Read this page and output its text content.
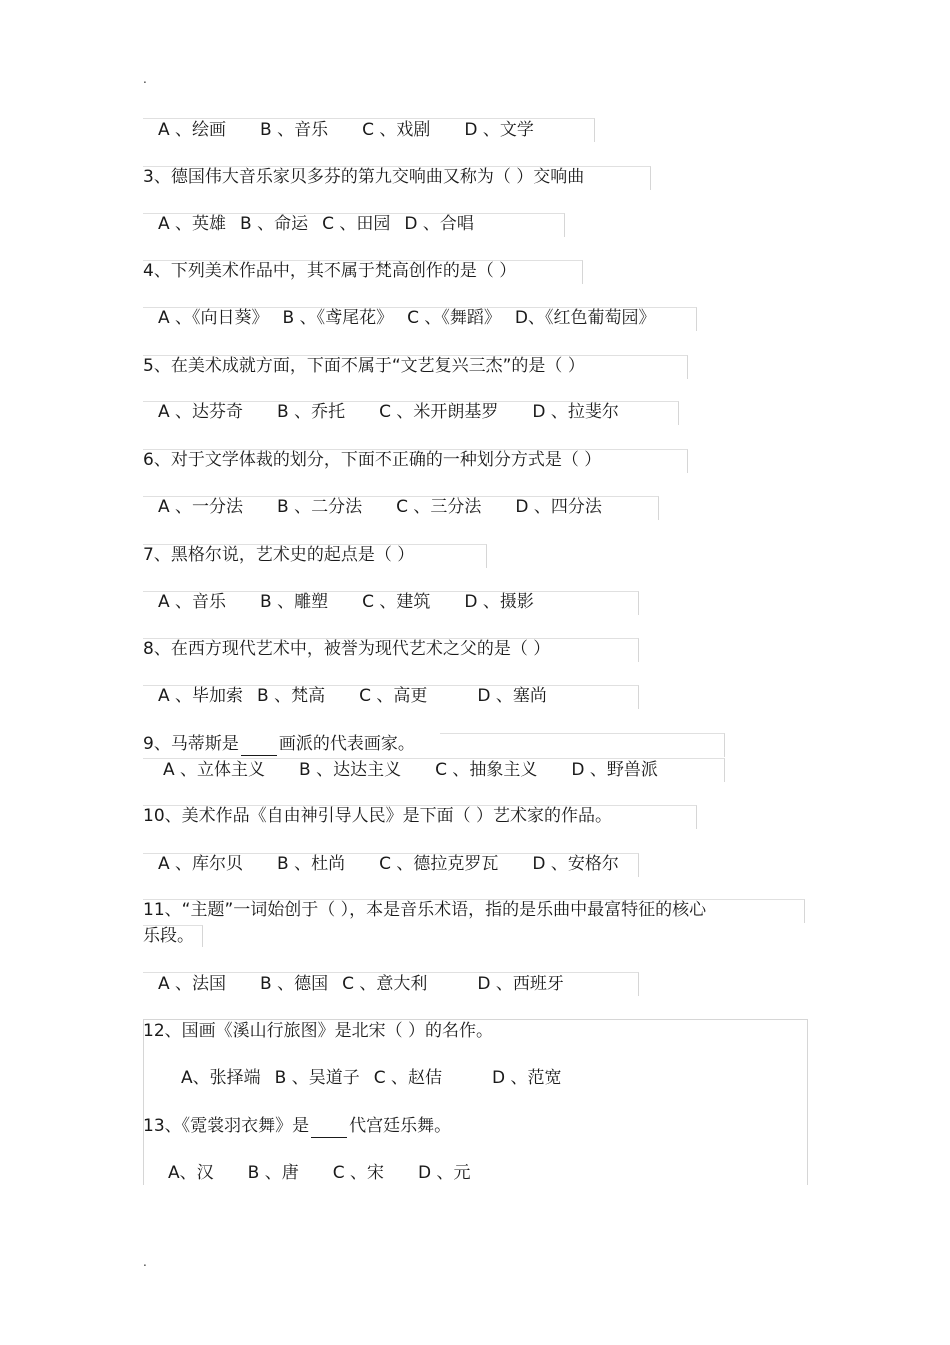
.
A 、绘画 B 、音乐 C 、戏剧 D 、文学
3、德国伟大音乐家贝多芬的第九交响曲又称为（ ）交响曲
A 、英雄 B 、命运 C 、田园 D 、合唱
4、下列美术作品中，其不属于梵高创作的是（ ）
A 、《向日葵》 B 、《鸢尾花》 C 、《舞蹈》 D、《红色葡萄园》
5、在美术成就方面，下面不属于“文艺复兴三杰”的是（ ）
A 、达芬奇 B 、乔托 C 、米开朗基罗 D 、拉斐尔
6、对于文学体裁的划分，下面不正确的一种划分方式是（ ）
A 、一分法 B 、二分法 C 、三分法 D 、四分法
7、黑格尔说，艺术史的起点是（ ）
A 、音乐 B 、雕塑 C 、建筑 D 、摄影
8、在西方现代艺术中，被誉为现代艺术之父的是（ ）
A 、毕加索 B 、梵高 C 、高更	D 、塞尚
9、马蒂斯是 画派的代表画家。
A 、立体主义 B 、达达主义 C 、抽象主义 D 、野兽派
10、美术作品《自由神引导人民》是下面（ ）艺术家的作品。
A 、库尔贝 B 、杜尚 C 、德拉克罗瓦 D 、安格尔
11、“主题”一词始创于（ ），本是音乐术语，指的是乐曲中最富特征的核心
乐段。
A 、法国 B 、德国 C 、意大利	D 、西班牙
12、国画《溪山行旅图》是北宋（ ）的名作。
A、张择端 B 、吴道子 C 、赵佶	D 、范宽
13、《霓裳羽衣舞》是 代宫廷乐舞。
A、汉 B 、唐 C 、宋 D 、元
.
